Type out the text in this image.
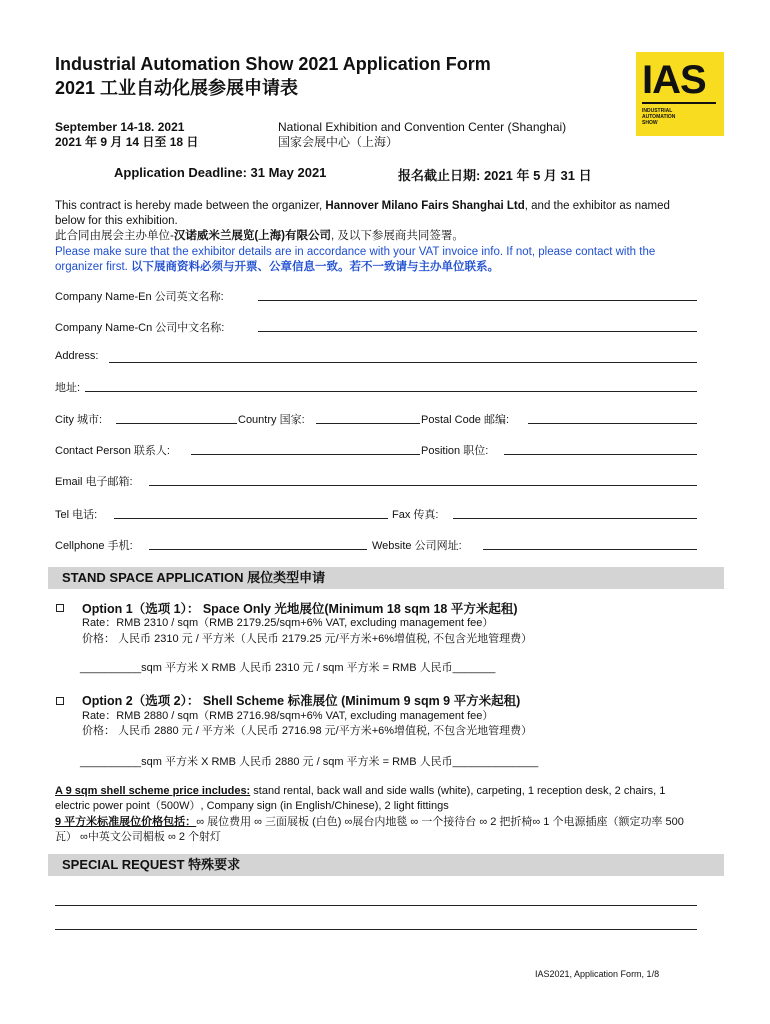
Industrial Automation Show 2021 Application Form
2021 工业自动化展参展申请表	IAS
INDUSTRIAL
AUTOMATION
SHOW
September 14-18. 2021
2021 年 9 月 14 日至 18 日
National Exhibition and Convention Center (Shanghai)
国家会展中心（上海）
Application Deadline: 31 May 2021	报名截止日期: 2021 年 5 月 31 日
This contract is hereby made between the organizer, Hannover Milano Fairs Shanghai Ltd, and the exhibitor as named below for this exhibition.
此合同由展会主办单位-汉诺威米兰展览(上海)有限公司, 及以下参展商共同签署。
Please make sure that the exhibitor details are in accordance with your VAT invoice info. If not, please contact with the organizer first. 以下展商资料必须与开票、公章信息一致。若不一致请与主办单位联系。
Company Name-En 公司英文名称:
Company Name-Cn 公司中文名称:
Address:
地址:
City 城市:	Country 国家:	Postal Code 邮编:
Contact Person 联系人:	Position 职位:
Email 电子邮箱:
Tel 电话:	Fax 传真:
Cellphone 手机:	Website 公司网址:
STAND SPACE APPLICATION 展位类型申请
Option 1（选项 1）： Space Only 光地展位(Minimum 18 sqm 18 平方米起租)
Rate：RMB 2310 / sqm（RMB 2179.25/sqm+6% VAT, excluding management fee）
价格： 人民币 2310 元 / 平方米（人民币 2179.25 元/平方米+6%增值税, 不包含光地管理费）
__________sqm 平方米 X RMB 人民币 2310 元 / sqm 平方米 = RMB 人民币_______
Option 2（选项 2）： Shell Scheme 标准展位 (Minimum 9 sqm 9 平方米起租)
Rate：RMB 2880 / sqm（RMB 2716.98/sqm+6% VAT, excluding management fee）
价格： 人民币 2880 元 / 平方米（人民币 2716.98 元/平方米+6%增值税, 不包含光地管理费）
__________sqm 平方米 X RMB 人民币 2880 元 / sqm 平方米 = RMB 人民币______________
A 9 sqm shell scheme price includes: stand rental, back wall and side walls (white), carpeting, 1 reception desk, 2 chairs, 1 electric power point（500W）, Company sign (in English/Chinese), 2 light fittings
9 平方米标准展位价格包括：∞ 展位费用 ∞ 三面展板 (白色) ∞展台内地毯 ∞ 一个接待台 ∞ 2 把折椅∞ 1 个电源插座（额定功率 500 瓦） ∞中英文公司楣板 ∞ 2 个射灯
SPECIAL REQUEST 特殊要求
IAS2021, Application Form, 1/8
